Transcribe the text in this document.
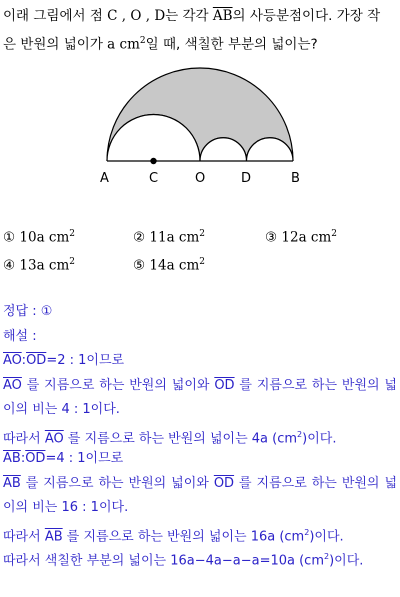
이래 그림에서 점 C , O , D는 각각 $\overline{AB}$의 사등분점이다. 가장 작
은 반원의 넓이가 a $cm^2$일 때, 색칠한 부분의 넓이는?
A	C	O	D	B
① 10a $cm^2$	② 11a $cm^2$	③ 12a $cm^2$
④ 13a $cm^2$	⑤ 14a $cm^2$
정답 : ①
해설 :
$\overline{AO}:\overline{OD}=2$ : 1이므로
$\overline{AO}$ 를 지름으로 하는 반원의 넓이와 $\overline{OD}$ 를 지름으로 하는 반원의 넓
이의 비는 4 : 1이다.
따라서 $\overline{AO}$ 를 지름으로 하는 반원의 넓이는 4a $(cm^2)$이다.
$\overline{AB}:\overline{OD}=4$ : 1이므로
$\overline{AB}$ 를 지름으로 하는 반원의 넓이와 $\overline{OD}$ 를 지름으로 하는 반원의 넓
이의 비는 16 : 1이다.
따라서 $\overline{AB}$ 를 지름으로 하는 반원의 넓이는 16a $(cm^2)$이다.
따라서 색칠한 부분의 넓이는 16a−4a−a−a=10a $(cm^2)$이다.
